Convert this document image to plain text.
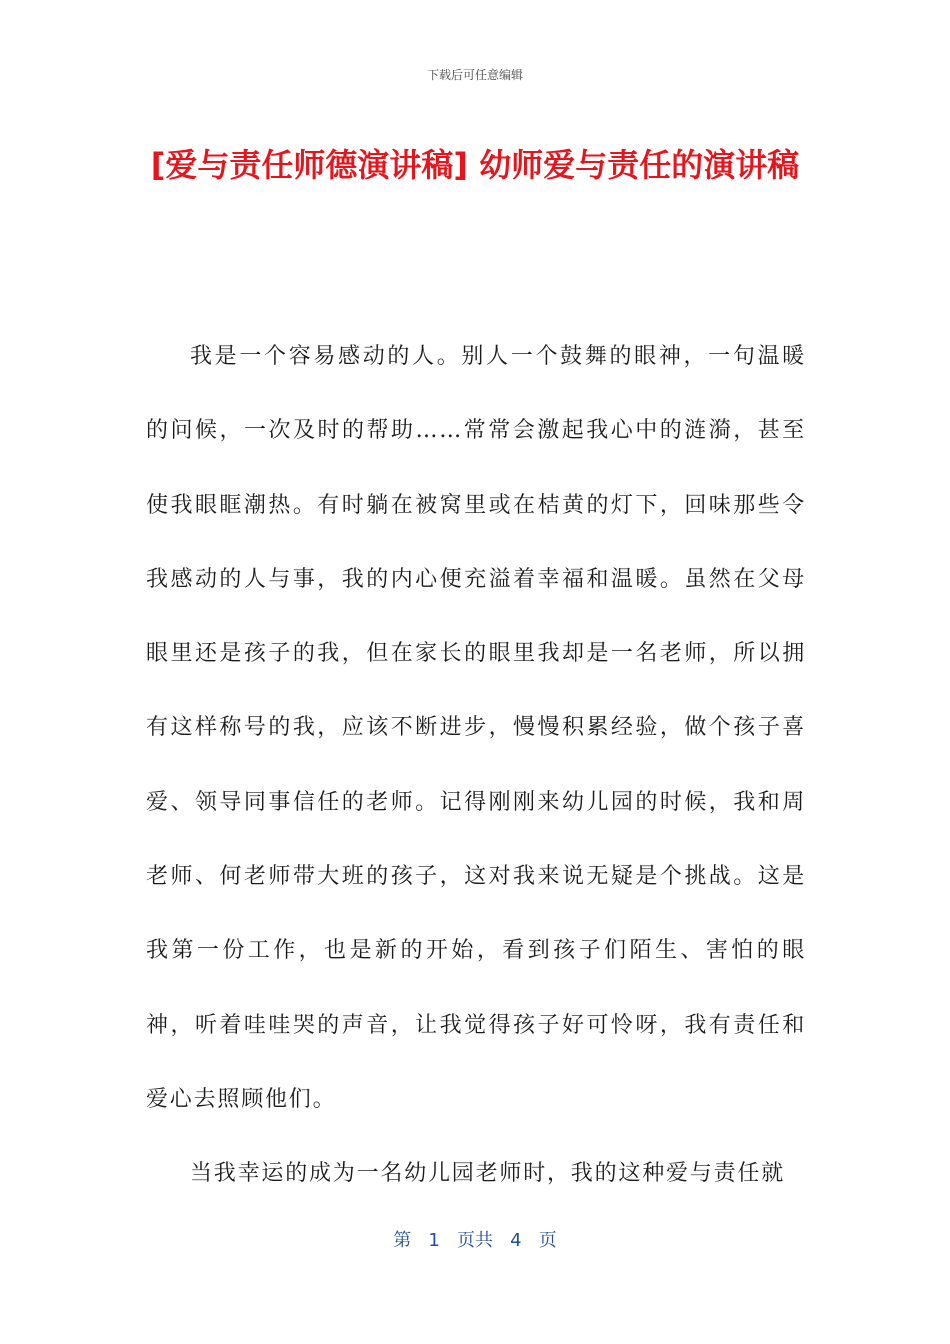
下载后可任意编辑
[爱与责任师德演讲稿] 幼师爱与责任的演讲稿

我是一个容易感动的人。别人一个鼓舞的眼神，一句温暖的问候，一次及时的帮助……常常会激起我心中的涟漪，甚至使我眼眶潮热。有时躺在被窝里或在桔黄的灯下，回味那些令我感动的人与事，我的内心便充溢着幸福和温暖。虽然在父母眼里还是孩子的我，但在家长的眼里我却是一名老师，所以拥有这样称号的我，应该不断进步，慢慢积累经验，做个孩子喜爱、领导同事信任的老师。记得刚刚来幼儿园的时候，我和周老师、何老师带大班的孩子，这对我来说无疑是个挑战。这是我第一份工作，也是新的开始，看到孩子们陌生、害怕的眼神，听着哇哇哭的声音，让我觉得孩子好可怜呀，我有责任和爱心去照顾他们。

当我幸运的成为一名幼儿园老师时，我的这种爱与责任就

第 1 页共 4 页
